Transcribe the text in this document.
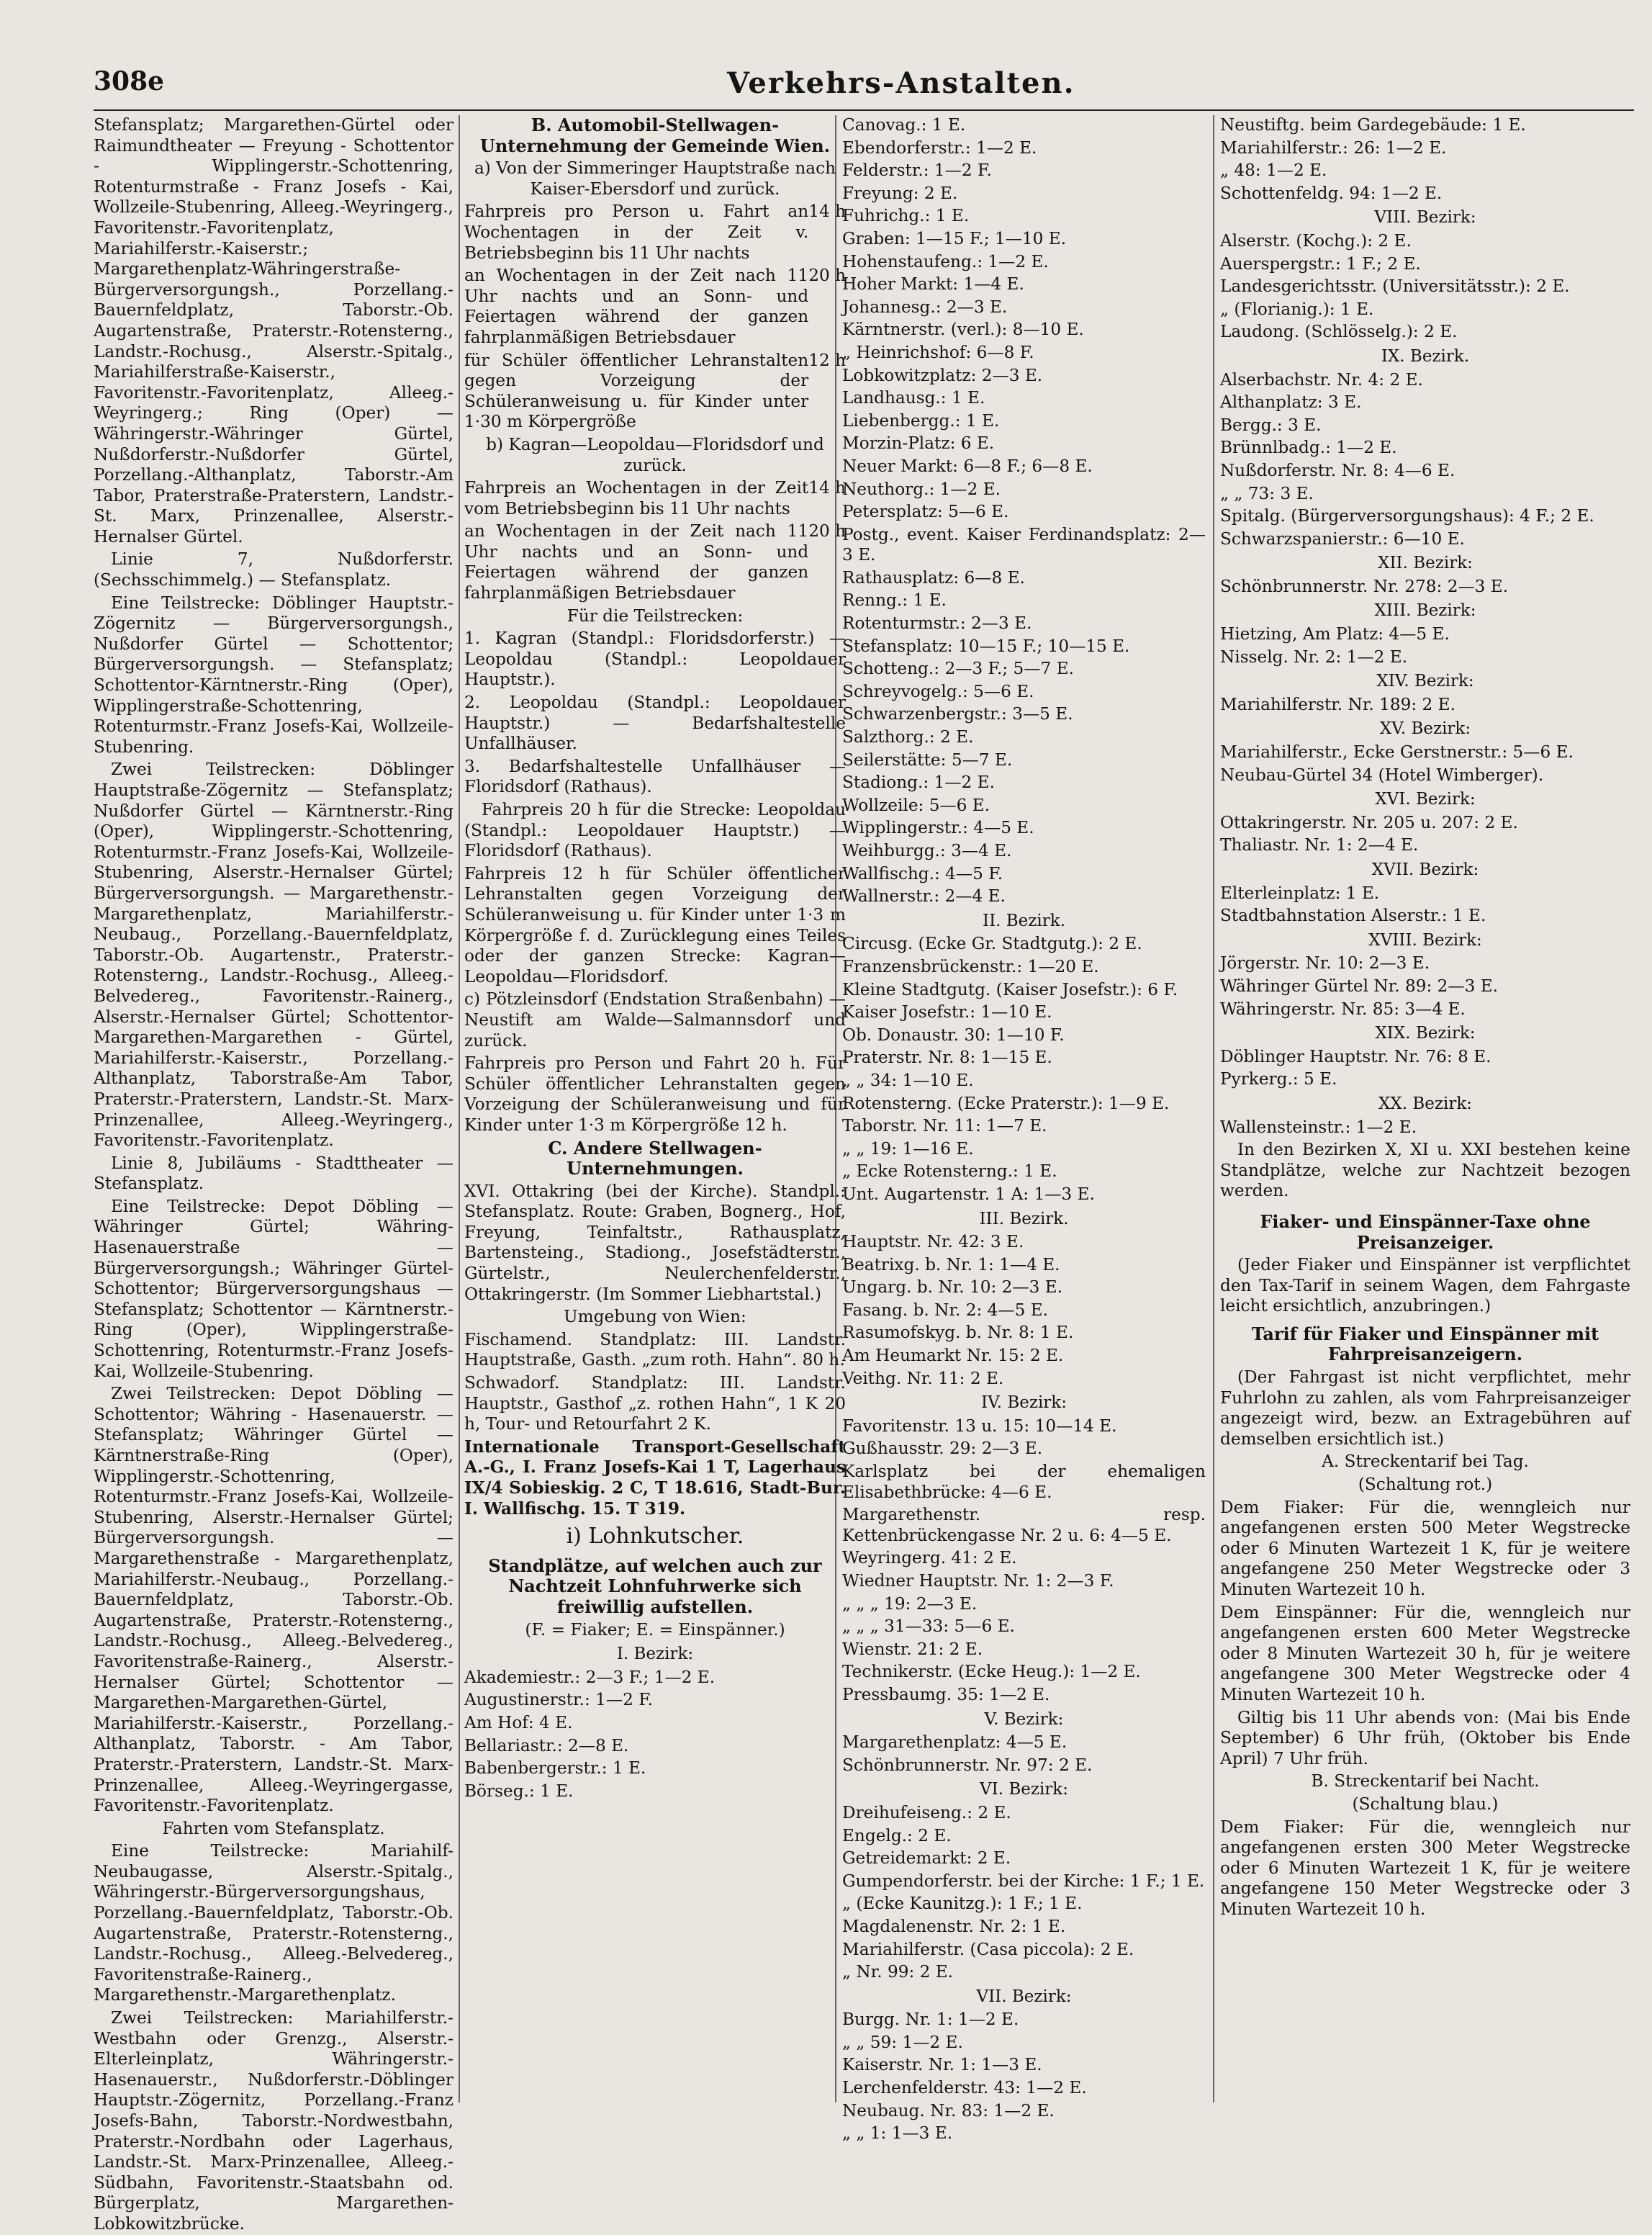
308e	Verkehrs-Anstalten.

Stefansplatz; Margarethen-Gürtel oder Raimundtheater — Freyung - Schottentor - Wipplingerstr.-Schottenring, Rotenturmstraße - Franz Josefs - Kai, Wollzeile-Stubenring, Alleeg.-Weyringerg., Favoritenstr.-Favoritenplatz, Mariahilferstr.-Kaiserstr.; Margarethenplatz-Währingerstraße-Bürgerversorgungsh., Porzellang.-Bauernfeldplatz, Taborstr.-Ob. Augartenstraße, Praterstr.-Rotensterng., Landstr.-Rochusg., Alserstr.-Spitalg., Mariahilferstraße-Kaiserstr., Favoritenstr.-Favoritenplatz, Alleeg.-Weyringerg.; Ring (Oper) — Währingerstr.-Währinger Gürtel, Nußdorferstr.-Nußdorfer Gürtel, Porzellang.-Althanplatz, Taborstr.-Am Tabor, Praterstraße-Praterstern, Landstr.-St. Marx, Prinzenallee, Alserstr.-Hernalser Gürtel.

Linie 7, Nußdorferstr. (Sechsschimmelg.) — Stefansplatz.

Eine Teilstrecke: Döblinger Hauptstr.-Zögernitz — Bürgerversorgungsh., Nußdorfer Gürtel — Schottentor; Bürgerversorgungsh. — Stefansplatz; Schottentor-Kärntnerstr.-Ring (Oper), Wipplingerstraße-Schottenring, Rotenturmstr.-Franz Josefs-Kai, Wollzeile-Stubenring.

Zwei Teilstrecken: Döblinger Hauptstraße-Zögernitz — Stefansplatz; Nußdorfer Gürtel — Kärntnerstr.-Ring (Oper), Wipplingerstr.-Schottenring, Rotenturmstr.-Franz Josefs-Kai, Wollzeile-Stubenring, Alserstr.-Hernalser Gürtel; Bürgerversorgungsh. — Margarethenstr.-Margarethenplatz, Mariahilferstr.-Neubaug., Porzellang.-Bauernfeldplatz, Taborstr.-Ob. Augartenstr., Praterstr.-Rotensterng., Landstr.-Rochusg., Alleeg.-Belvedereg., Favoritenstr.-Rainerg., Alserstr.-Hernalser Gürtel; Schottentor-Margarethen-Margarethen - Gürtel, Mariahilferstr.-Kaiserstr., Porzellang.-Althanplatz, Taborstraße-Am Tabor, Praterstr.-Praterstern, Landstr.-St. Marx-Prinzenallee, Alleeg.-Weyringerg., Favoritenstr.-Favoritenplatz.

Linie 8, Jubiläums - Stadttheater — Stefansplatz.

Eine Teilstrecke: Depot Döbling — Währinger Gürtel; Währing-Hasenauerstraße — Bürgerversorgungsh.; Währinger Gürtel-Schottentor; Bürgerversorgungshaus — Stefansplatz; Schottentor — Kärntnerstr.-Ring (Oper), Wipplingerstraße-Schottenring, Rotenturmstr.-Franz Josefs-Kai, Wollzeile-Stubenring.

Zwei Teilstrecken: Depot Döbling — Schottentor; Währing - Hasenauerstr. — Stefansplatz; Währinger Gürtel — Kärntnerstraße-Ring (Oper), Wipplingerstr.-Schottenring, Rotenturmstr.-Franz Josefs-Kai, Wollzeile-Stubenring, Alserstr.-Hernalser Gürtel; Bürgerversorgungsh. — Margarethenstraße - Margarethenplatz, Mariahilferstr.-Neubaug., Porzellang.-Bauernfeldplatz, Taborstr.-Ob. Augartenstraße, Praterstr.-Rotensterng., Landstr.-Rochusg., Alleeg.-Belvedereg., Favoritenstraße-Rainerg., Alserstr.-Hernalser Gürtel; Schottentor — Margarethen-Margarethen-Gürtel, Mariahilferstr.-Kaiserstr., Porzellang.-Althanplatz, Taborstr. - Am Tabor, Praterstr.-Praterstern, Landstr.-St. Marx-Prinzenallee, Alleeg.-Weyringergasse, Favoritenstr.-Favoritenplatz.

Fahrten vom Stefansplatz.

Eine Teilstrecke: Mariahilf-Neubaugasse, Alserstr.-Spitalg., Währingerstr.-Bürgerversorgungshaus, Porzellang.-Bauernfeldplatz, Taborstr.-Ob. Augartenstraße, Praterstr.-Rotensterng., Landstr.-Rochusg., Alleeg.-Belvedereg., Favoritenstraße-Rainerg., Margarethenstr.-Margarethenplatz.

Zwei Teilstrecken: Mariahilferstr.-Westbahn oder Grenzg., Alserstr.-Elterleinplatz, Währingerstr.-Hasenauerstr., Nußdorferstr.-Döblinger Hauptstr.-Zögernitz, Porzellang.-Franz Josefs-Bahn, Taborstr.-Nordwestbahn, Praterstr.-Nordbahn oder Lagerhaus, Landstr.-St. Marx-Prinzenallee, Alleeg.-Südbahn, Favoritenstr.-Staatsbahn od. Bürgerplatz, Margarethen-Lobkowitzbrücke.

B. Automobil-Stellwagen-Unternehmung der Gemeinde Wien.

a) Von der Simmeringer Hauptstraße nach Kaiser-Ebersdorf und zurück.

Fahrpreis pro Person u. Fahrt an Wochentagen in der Zeit v. Betriebsbeginn bis 11 Uhr nachts
14 h

an Wochentagen in der Zeit nach 11 Uhr nachts und an Sonn- und Feiertagen während der ganzen fahrplanmäßigen Betriebsdauer
20 h

für Schüler öffentlicher Lehranstalten gegen Vorzeigung der Schüleranweisung u. für Kinder unter 1·30 m Körpergröße
12 h

b) Kagran—Leopoldau—Floridsdorf und zurück.

Fahrpreis an Wochentagen in der Zeit vom Betriebsbeginn bis 11 Uhr nachts
14 h

an Wochentagen in der Zeit nach 11 Uhr nachts und an Sonn- und Feiertagen während der ganzen fahrplanmäßigen Betriebsdauer
20 h

Für die Teilstrecken:

1. Kagran (Standpl.: Floridsdorferstr.) — Leopoldau (Standpl.: Leopoldauer Hauptstr.).

2. Leopoldau (Standpl.: Leopoldauer Hauptstr.) — Bedarfshaltestelle Unfallhäuser.

3. Bedarfshaltestelle Unfallhäuser — Floridsdorf (Rathaus).

Fahrpreis 20 h für die Strecke: Leopoldau (Standpl.: Leopoldauer Hauptstr.) — Floridsdorf (Rathaus).

Fahrpreis 12 h für Schüler öffentlicher Lehranstalten gegen Vorzeigung der Schüleranweisung u. für Kinder unter 1·3 m Körpergröße f. d. Zurücklegung eines Teiles oder der ganzen Strecke: Kagran—Leopoldau—Floridsdorf.

c) Pötzleinsdorf (Endstation Straßenbahn) — Neustift am Walde—Salmannsdorf und zurück.

Fahrpreis pro Person und Fahrt 20 h. Für Schüler öffentlicher Lehranstalten gegen Vorzeigung der Schüleranweisung und für Kinder unter 1·3 m Körpergröße 12 h.

C. Andere Stellwagen-Unternehmungen.

XVI. Ottakring (bei der Kirche). Standpl.: Stefansplatz. Route: Graben, Bognerg., Hof, Freyung, Teinfaltstr., Rathausplatz, Bartensteing., Stadiong., Josefstädterstr., Gürtelstr., Neulerchenfelderstr., Ottakringerstr. (Im Sommer Liebhartstal.)

Umgebung von Wien:

Fischamend. Standplatz: III. Landstr. Hauptstraße, Gasth. „zum roth. Hahn“. 80 h.

Schwadorf. Standplatz: III. Landstr. Hauptstr., Gasthof „z. rothen Hahn“, 1 K 20 h, Tour- und Retourfahrt 2 K.

Internationale Transport-Gesellschaft A.-G., I. Franz Josefs-Kai 1 T, Lagerhaus IX/4 Sobieskig. 2 C, T 18.616, Stadt-Bur. I. Wallfischg. 15. T 319.

i) Lohnkutscher.

Standplätze, auf welchen auch zur Nachtzeit Lohnfuhrwerke sich freiwillig aufstellen.

(F. = Fiaker; E. = Einspänner.)

I. Bezirk:

Akademiestr.: 2—3 F.; 1—2 E.

Augustinerstr.: 1—2 F.

Am Hof: 4 E.

Bellariastr.: 2—8 E.

Babenbergerstr.: 1 E.

Börseg.: 1 E.

Canovag.: 1 E.

Ebendorferstr.: 1—2 E.

Felderstr.: 1—2 F.

Freyung: 2 E.

Fuhrichg.: 1 E.

Graben: 1—15 F.; 1—10 E.

Hohenstaufeng.: 1—2 E.

Hoher Markt: 1—4 E.

Johannesg.: 2—3 E.

Kärntnerstr. (verl.): 8—10 E.

„ Heinrichshof: 6—8 F.

Lobkowitzplatz: 2—3 E.

Landhausg.: 1 E.

Liebenbergg.: 1 E.

Morzin-Platz: 6 E.

Neuer Markt: 6—8 F.; 6—8 E.

Neuthorg.: 1—2 E.

Petersplatz: 5—6 E.

Postg., event. Kaiser Ferdinandsplatz: 2—3 E.

Rathausplatz: 6—8 E.

Renng.: 1 E.

Rotenturmstr.: 2—3 E.

Stefansplatz: 10—15 F.; 10—15 E.

Schotteng.: 2—3 F.; 5—7 E.

Schreyvogelg.: 5—6 E.

Schwarzenbergstr.: 3—5 E.

Salzthorg.: 2 E.

Seilerstätte: 5—7 E.

Stadiong.: 1—2 E.

Wollzeile: 5—6 E.

Wipplingerstr.: 4—5 E.

Weihburgg.: 3—4 E.

Wallfischg.: 4—5 F.

Wallnerstr.: 2—4 E.

II. Bezirk.

Circusg. (Ecke Gr. Stadtgutg.): 2 E.

Franzensbrückenstr.: 1—20 E.

Kleine Stadtgutg. (Kaiser Josefstr.): 6 F.

Kaiser Josefstr.: 1—10 E.

Ob. Donaustr. 30: 1—10 F.

Praterstr. Nr. 8: 1—15 E.

„ „ 34: 1—10 E.

Rotensterng. (Ecke Praterstr.): 1—9 E.

Taborstr. Nr. 11: 1—7 E.

„ „ 19: 1—16 E.

„ Ecke Rotensterng.: 1 E.

Unt. Augartenstr. 1 A: 1—3 E.

III. Bezirk.

Hauptstr. Nr. 42: 3 E.

Beatrixg. b. Nr. 1: 1—4 E.

Ungarg. b. Nr. 10: 2—3 E.

Fasang. b. Nr. 2: 4—5 E.

Rasumofskyg. b. Nr. 8: 1 E.

Am Heumarkt Nr. 15: 2 E.

Veithg. Nr. 11: 2 E.

IV. Bezirk:

Favoritenstr. 13 u. 15: 10—14 E.

Gußhausstr. 29: 2—3 E.

Karlsplatz bei der ehemaligen Elisabethbrücke: 4—6 E.

Margarethenstr. resp. Kettenbrückengasse Nr. 2 u. 6: 4—5 E.

Weyringerg. 41: 2 E.

Wiedner Hauptstr. Nr. 1: 2—3 F.

„ „ „ 19: 2—3 E.

„ „ „ 31—33: 5—6 E.

Wienstr. 21: 2 E.

Technikerstr. (Ecke Heug.): 1—2 E.

Pressbaumg. 35: 1—2 E.

V. Bezirk:

Margarethenplatz: 4—5 E.

Schönbrunnerstr. Nr. 97: 2 E.

VI. Bezirk:

Dreihufeiseng.: 2 E.

Engelg.: 2 E.

Getreidemarkt: 2 E.

Gumpendorferstr. bei der Kirche: 1 F.; 1 E.

„ (Ecke Kaunitzg.): 1 F.; 1 E.

Magdalenenstr. Nr. 2: 1 E.

Mariahilferstr. (Casa piccola): 2 E.

„ Nr. 99: 2 E.

VII. Bezirk:

Burgg. Nr. 1: 1—2 E.

„ „ 59: 1—2 E.

Kaiserstr. Nr. 1: 1—3 E.

Lerchenfelderstr. 43: 1—2 E.

Neubaug. Nr. 83: 1—2 E.

„ „ 1: 1—3 E.

Neustiftg. beim Gardegebäude: 1 E.

Mariahilferstr.: 26: 1—2 E.

„ 48: 1—2 E.

Schottenfeldg. 94: 1—2 E.

VIII. Bezirk:

Alserstr. (Kochg.): 2 E.

Auerspergstr.: 1 F.; 2 E.

Landesgerichtsstr. (Universitätsstr.): 2 E.

„ (Florianig.): 1 E.

Laudong. (Schlösselg.): 2 E.

IX. Bezirk.

Alserbachstr. Nr. 4: 2 E.

Althanplatz: 3 E.

Bergg.: 3 E.

Brünnlbadg.: 1—2 E.

Nußdorferstr. Nr. 8: 4—6 E.

„ „ 73: 3 E.

Spitalg. (Bürgerversorgungshaus): 4 F.; 2 E.

Schwarzspanierstr.: 6—10 E.

XII. Bezirk:

Schönbrunnerstr. Nr. 278: 2—3 E.

XIII. Bezirk:

Hietzing, Am Platz: 4—5 E.

Nisselg. Nr. 2: 1—2 E.

XIV. Bezirk:

Mariahilferstr. Nr. 189: 2 E.

XV. Bezirk:

Mariahilferstr., Ecke Gerstnerstr.: 5—6 E.

Neubau-Gürtel 34 (Hotel Wimberger).

XVI. Bezirk:

Ottakringerstr. Nr. 205 u. 207: 2 E.

Thaliastr. Nr. 1: 2—4 E.

XVII. Bezirk:

Elterleinplatz: 1 E.

Stadtbahnstation Alserstr.: 1 E.

XVIII. Bezirk:

Jörgerstr. Nr. 10: 2—3 E.

Währinger Gürtel Nr. 89: 2—3 E.

Währingerstr. Nr. 85: 3—4 E.

XIX. Bezirk:

Döblinger Hauptstr. Nr. 76: 8 E.

Pyrkerg.: 5 E.

XX. Bezirk:

Wallensteinstr.: 1—2 E.

In den Bezirken X, XI u. XXI bestehen keine Standplätze, welche zur Nachtzeit bezogen werden.

Fiaker- und Einspänner-Taxe ohne Preisanzeiger.

(Jeder Fiaker und Einspänner ist verpflichtet den Tax-Tarif in seinem Wagen, dem Fahrgaste leicht ersichtlich, anzubringen.)

Tarif für Fiaker und Einspänner mit Fahrpreisanzeigern.

(Der Fahrgast ist nicht verpflichtet, mehr Fuhrlohn zu zahlen, als vom Fahrpreisanzeiger angezeigt wird, bezw. an Extragebühren auf demselben ersichtlich ist.)

A. Streckentarif bei Tag.

(Schaltung rot.)

Dem Fiaker: Für die, wenngleich nur angefangenen ersten 500 Meter Wegstrecke oder 6 Minuten Wartezeit 1 K, für je weitere angefangene 250 Meter Wegstrecke oder 3 Minuten Wartezeit 10 h.

Dem Einspänner: Für die, wenngleich nur angefangenen ersten 600 Meter Wegstrecke oder 8 Minuten Wartezeit 30 h, für je weitere angefangene 300 Meter Wegstrecke oder 4 Minuten Wartezeit 10 h.

Giltig bis 11 Uhr abends von: (Mai bis Ende September) 6 Uhr früh, (Oktober bis Ende April) 7 Uhr früh.

B. Streckentarif bei Nacht.

(Schaltung blau.)

Dem Fiaker: Für die, wenngleich nur angefangenen ersten 300 Meter Wegstrecke oder 6 Minuten Wartezeit 1 K, für je weitere angefangene 150 Meter Wegstrecke oder 3 Minuten Wartezeit 10 h.
